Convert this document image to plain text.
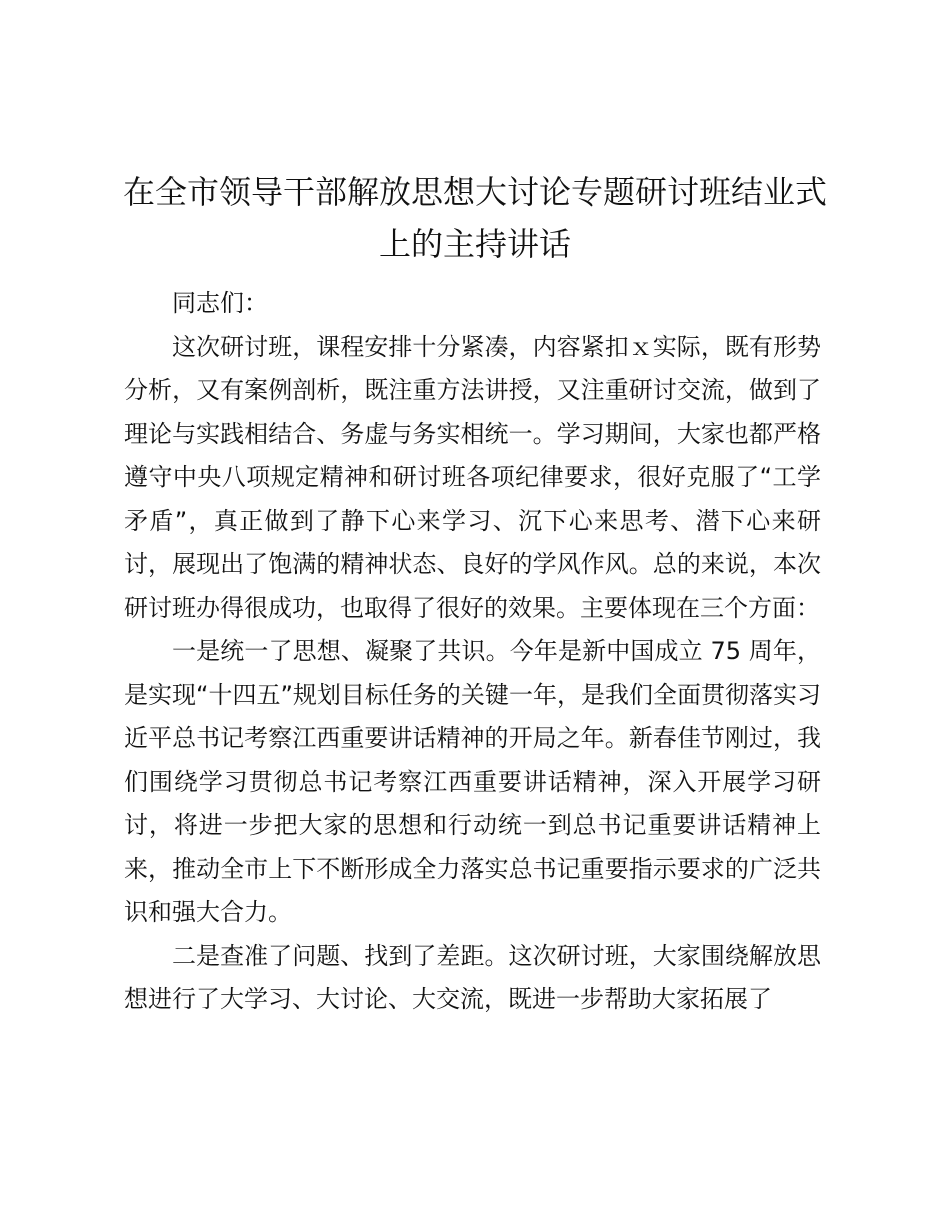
在全市领导干部解放思想大讨论专题研讨班结业式上的主持讲话

同志们：

这次研讨班，课程安排十分紧凑，内容紧扣ｘ实际，既有形势分析，又有案例剖析，既注重方法讲授，又注重研讨交流，做到了理论与实践相结合、务虚与务实相统一。学习期间，大家也都严格遵守中央八项规定精神和研讨班各项纪律要求，很好克服了“工学矛盾”，真正做到了静下心来学习、沉下心来思考、潜下心来研讨，展现出了饱满的精神状态、良好的学风作风。总的来说，本次研讨班办得很成功，也取得了很好的效果。主要体现在三个方面：

一是统一了思想、凝聚了共识。今年是新中国成立 75 周年，是实现“十四五”规划目标任务的关键一年，是我们全面贯彻落实习近平总书记考察江西重要讲话精神的开局之年。新春佳节刚过，我们围绕学习贯彻总书记考察江西重要讲话精神，深入开展学习研讨，将进一步把大家的思想和行动统一到总书记重要讲话精神上来，推动全市上下不断形成全力落实总书记重要指示要求的广泛共识和强大合力。

二是查准了问题、找到了差距。这次研讨班，大家围绕解放思想进行了大学习、大讨论、大交流，既进一步帮助大家拓展了
